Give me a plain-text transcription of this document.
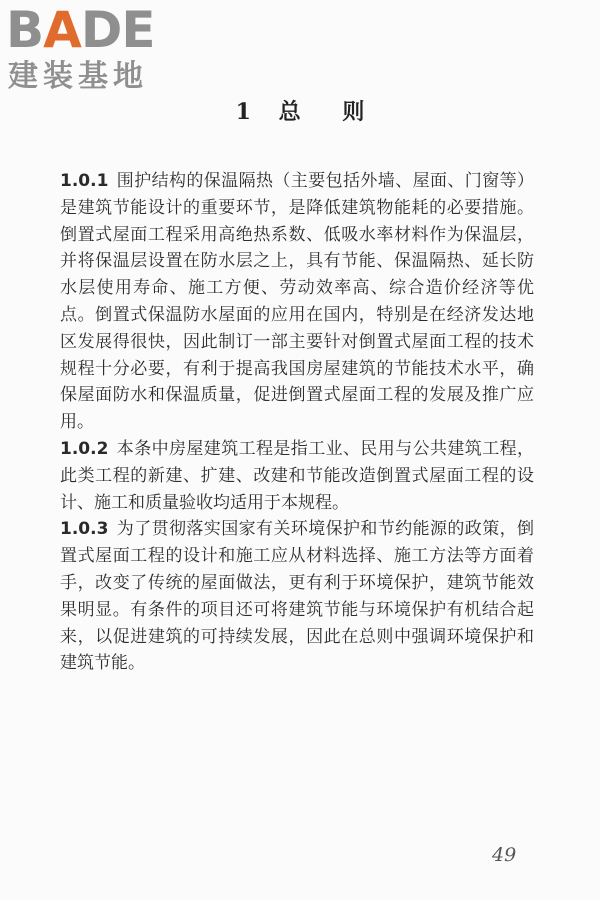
BADE
建装基地
1 总 则

1.0.1 围护结构的保温隔热（主要包括外墙、屋面、门窗等）是建筑节能设计的重要环节，是降低建筑物能耗的必要措施。倒置式屋面工程采用高绝热系数、低吸水率材料作为保温层，并将保温层设置在防水层之上，具有节能、保温隔热、延长防水层使用寿命、施工方便、劳动效率高、综合造价经济等优点。倒置式保温防水屋面的应用在国内，特别是在经济发达地区发展得很快，因此制订一部主要针对倒置式屋面工程的技术规程十分必要，有利于提高我国房屋建筑的节能技术水平，确保屋面防水和保温质量，促进倒置式屋面工程的发展及推广应用。

1.0.2 本条中房屋建筑工程是指工业、民用与公共建筑工程，此类工程的新建、扩建、改建和节能改造倒置式屋面工程的设计、施工和质量验收均适用于本规程。

1.0.3 为了贯彻落实国家有关环境保护和节约能源的政策，倒置式屋面工程的设计和施工应从材料选择、施工方法等方面着手，改变了传统的屋面做法，更有利于环境保护，建筑节能效果明显。有条件的项目还可将建筑节能与环境保护有机结合起来，以促进建筑的可持续发展，因此在总则中强调环境保护和建筑节能。

49
